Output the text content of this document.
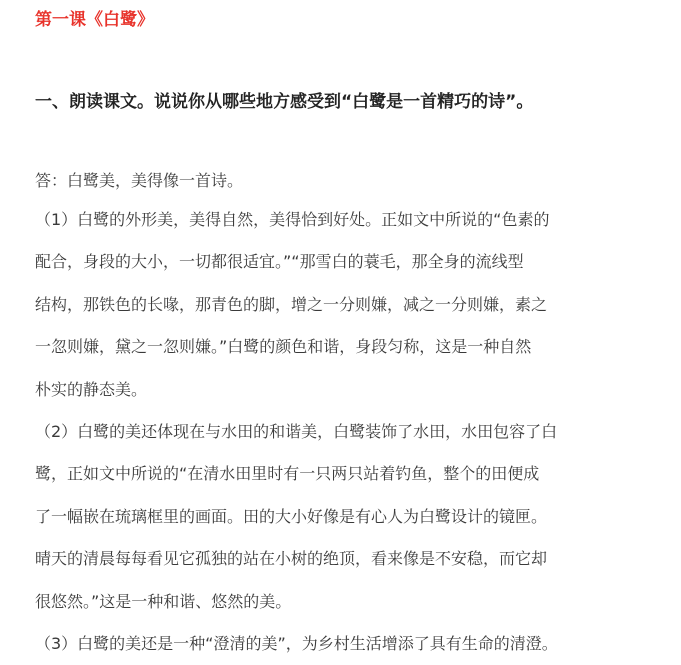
第一课《白鹭》
一、朗读课文。说说你从哪些地方感受到“白鹭是一首精巧的诗”。
答：白鹭美，美得像一首诗。
（1）白鹭的外形美，美得自然，美得恰到好处。正如文中所说的“色素的
配合，身段的大小，一切都很适宜。”“那雪白的蓑毛，那全身的流线型
结构，那铁色的长喙，那青色的脚，增之一分则嫌，减之一分则嫌，素之
一忽则嫌，黛之一忽则嫌。”白鹭的颜色和谐，身段匀称，这是一种自然
朴实的静态美。
（2）白鹭的美还体现在与水田的和谐美，白鹭装饰了水田，水田包容了白
鹭，正如文中所说的“在清水田里时有一只两只站着钓鱼，整个的田便成
了一幅嵌在琉璃框里的画面。田的大小好像是有心人为白鹭设计的镜匣。
晴天的清晨每每看见它孤独的站在小树的绝顶，看来像是不安稳，而它却
很悠然。”这是一种和谐、悠然的美。
（3）白鹭的美还是一种“澄清的美”，为乡村生活增添了具有生命的清澄。
